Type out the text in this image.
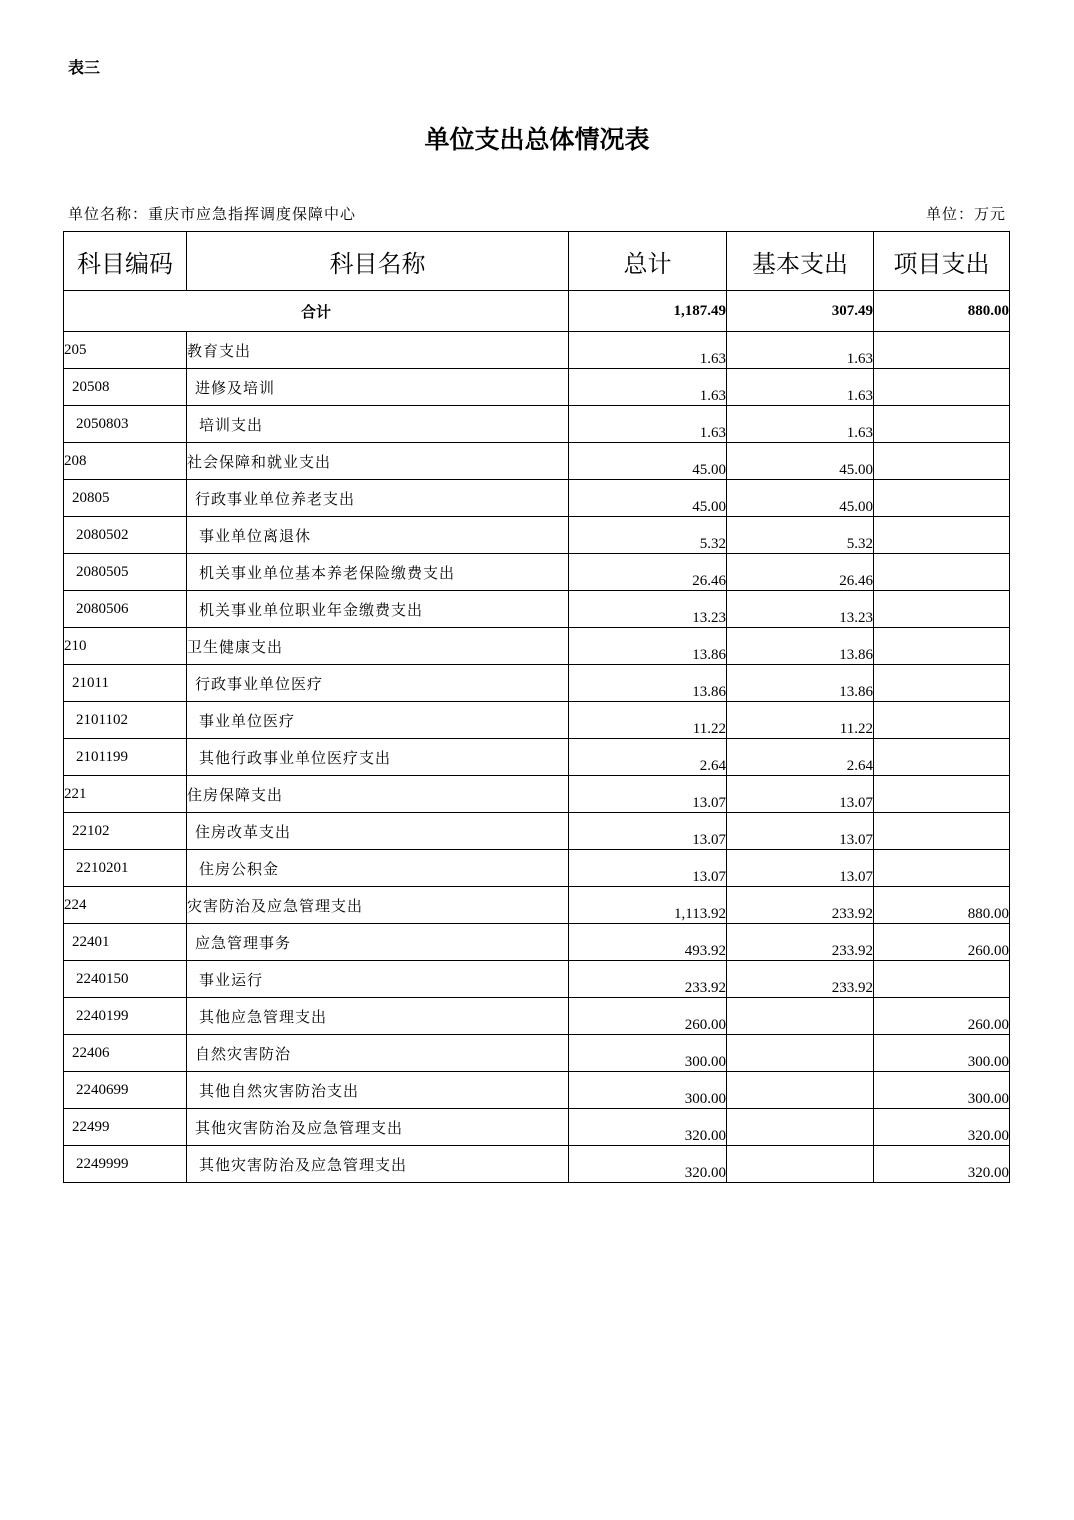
表三
单位支出总体情况表
单位名称：重庆市应急指挥调度保障中心	单位：万元
科目编码	科目名称	总计	基本支出	项目支出
合计		1,187.49	307.49	880.00
205	教育支出	1.63	1.63	
20508	进修及培训	1.63	1.63	
2050803	培训支出	1.63	1.63	
208	社会保障和就业支出	45.00	45.00	
20805	行政事业单位养老支出	45.00	45.00	
2080502	事业单位离退休	5.32	5.32	
2080505	机关事业单位基本养老保险缴费支出	26.46	26.46	
2080506	机关事业单位职业年金缴费支出	13.23	13.23	
210	卫生健康支出	13.86	13.86	
21011	行政事业单位医疗	13.86	13.86	
2101102	事业单位医疗	11.22	11.22	
2101199	其他行政事业单位医疗支出	2.64	2.64	
221	住房保障支出	13.07	13.07	
22102	住房改革支出	13.07	13.07	
2210201	住房公积金	13.07	13.07	
224	灾害防治及应急管理支出	1,113.92	233.92	880.00
22401	应急管理事务	493.92	233.92	260.00
2240150	事业运行	233.92	233.92	
2240199	其他应急管理支出	260.00		260.00
22406	自然灾害防治	300.00		300.00
2240699	其他自然灾害防治支出	300.00		300.00
22499	其他灾害防治及应急管理支出	320.00		320.00
2249999	其他灾害防治及应急管理支出	320.00		320.00
